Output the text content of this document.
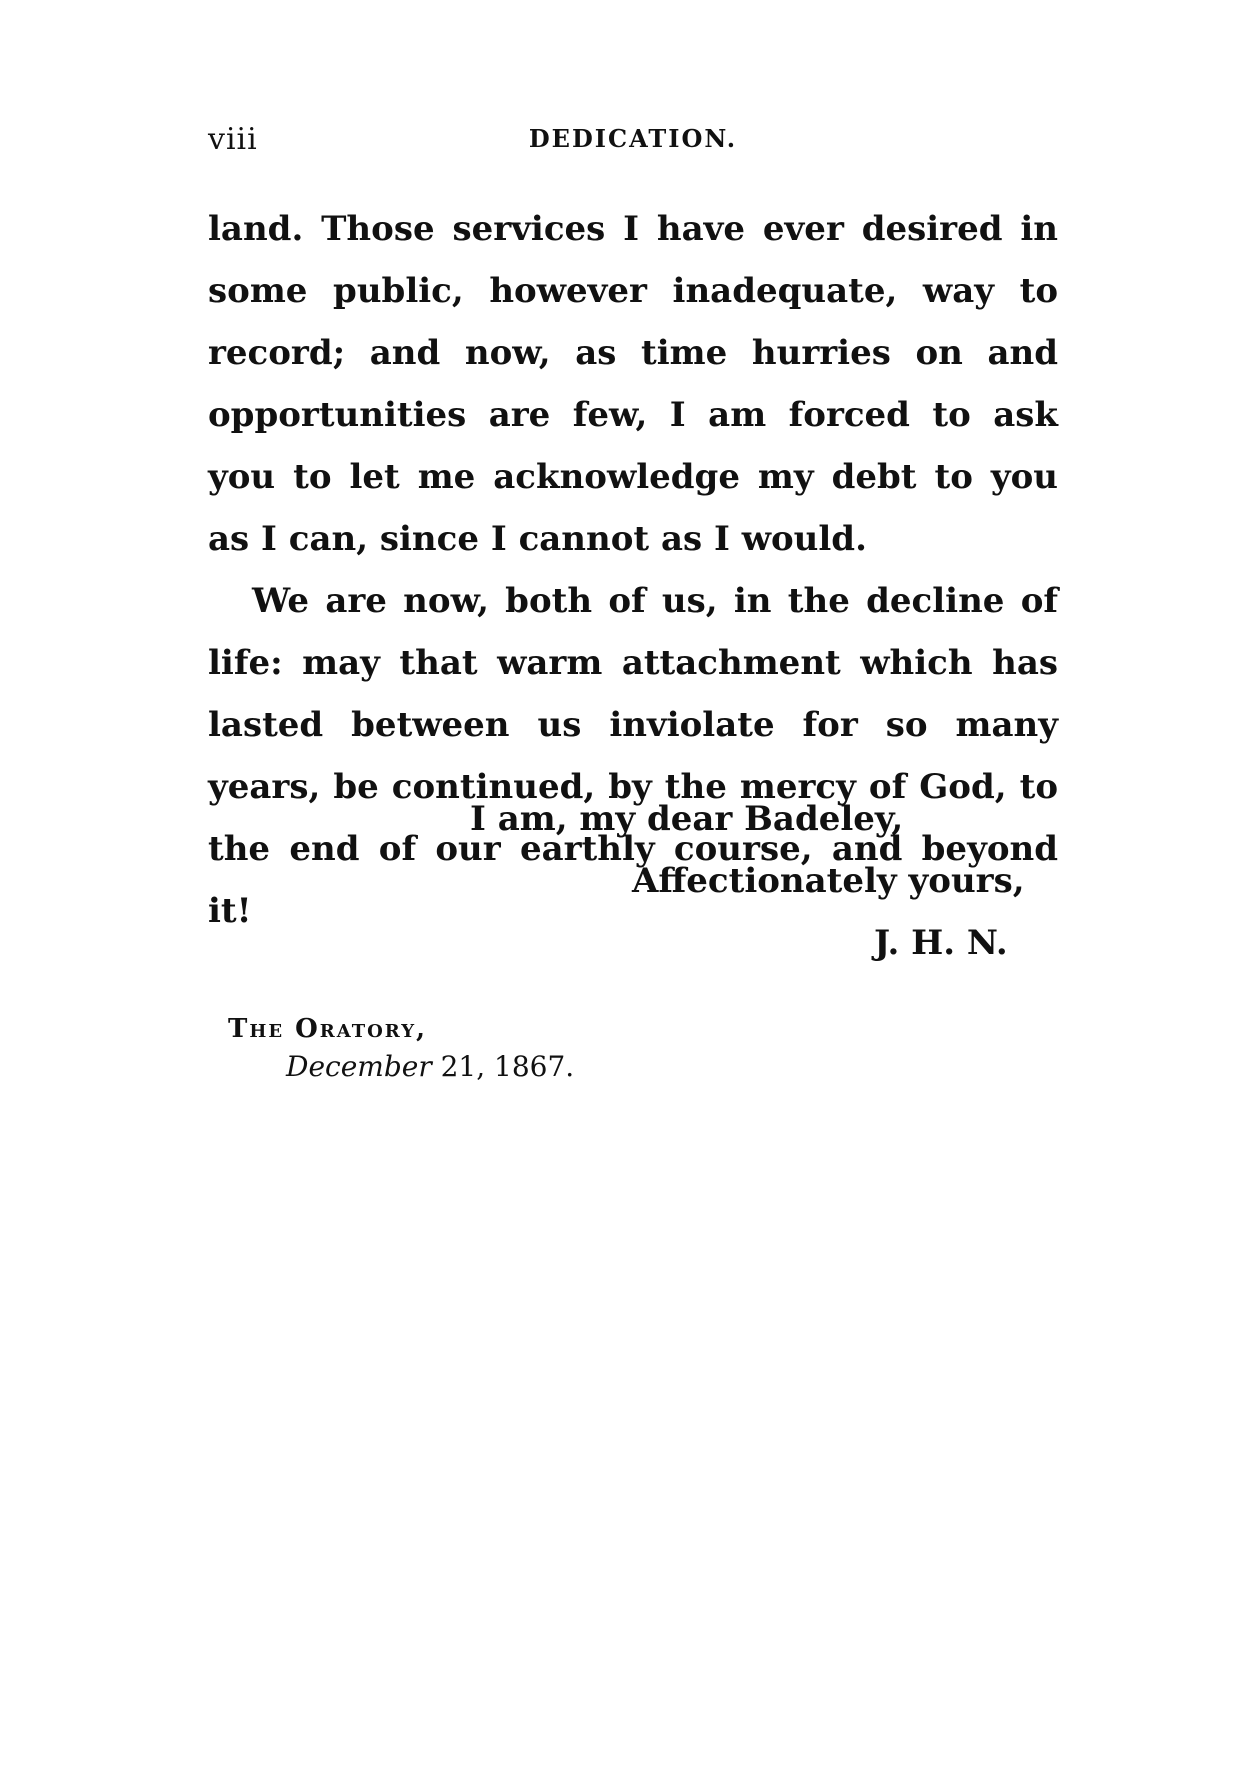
viii	DEDICATION.

land. Those services I have ever desired in some public, however inadequate, way to record; and now, as time hurries on and opportunities are few, I am forced to ask you to let me acknowledge my debt to you as I can, since I cannot as I would.

We are now, both of us, in the decline of life: may that warm attachment which has lasted between us inviolate for so many years, be continued, by the mercy of God, to the end of our earthly course, and beyond it!

I am, my dear Badeley,
Affectionately yours,
J. H. N.
The Oratory,
December 21, 1867.
